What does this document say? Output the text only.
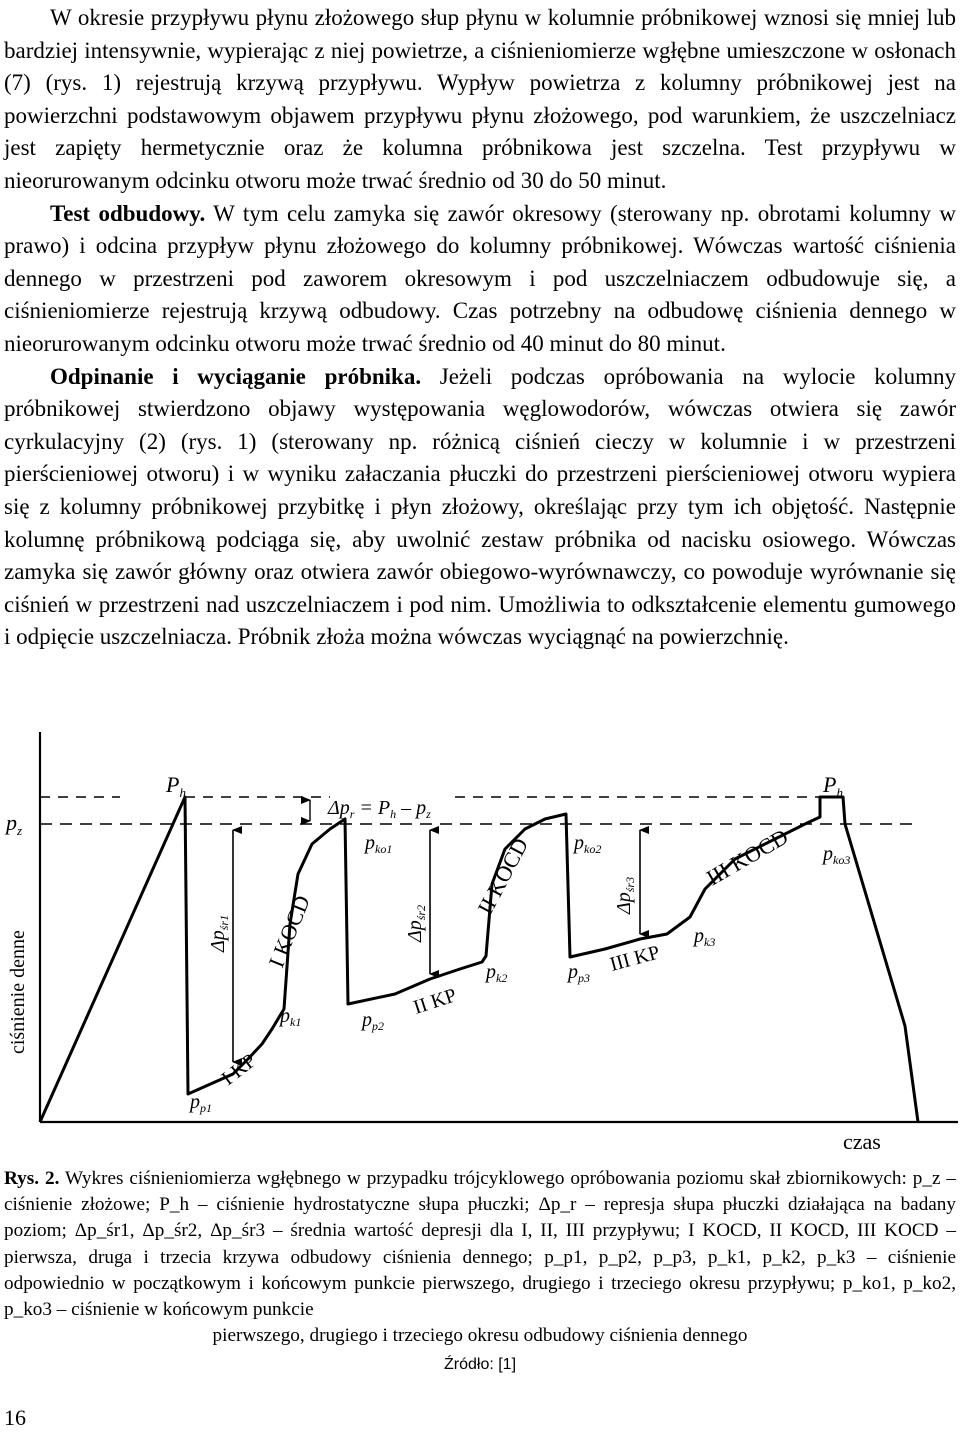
W okresie przypływu płynu złożowego słup płynu w kolumnie próbnikowej wznosi się mniej lub bardziej intensywnie, wypierając z niej powietrze, a ciśnieniomierze wgłębne umieszczone w osłonach (7) (rys. 1) rejestrują krzywą przypływu. Wypływ powietrza z kolumny próbnikowej jest na powierzchni podstawowym objawem przypływu płynu złożowego, pod warunkiem, że uszczelniacz jest zapięty hermetycznie oraz że kolumna próbnikowa jest szczelna. Test przypływu w nieorurowanym odcinku otworu może trwać średnio od 30 do 50 minut.

Test odbudowy. W tym celu zamyka się zawór okresowy (sterowany np. obrotami kolumny w prawo) i odcina przypływ płynu złożowego do kolumny próbnikowej. Wówczas wartość ciśnienia dennego w przestrzeni pod zaworem okresowym i pod uszczelniaczem odbudowuje się, a ciśnieniomierze rejestrują krzywą odbudowy. Czas potrzebny na odbudowę ciśnienia dennego w nieorurowanym odcinku otworu może trwać średnio od 40 minut do 80 minut.

Odpinanie i wyciąganie próbnika. Jeżeli podczas opróbowania na wylocie kolumny próbnikowej stwierdzono objawy występowania węglowodorów, wówczas otwiera się zawór cyrkulacyjny (2) (rys. 1) (sterowany np. różnicą ciśnień cieczy w kolumnie i w przestrzeni pierścieniowej otworu) i w wyniku załaczania płuczki do przestrzeni pierścieniowej otworu wypiera się z kolumny próbnikowej przybitkę i płyn złożowy, określając przy tym ich objętość. Następnie kolumnę próbnikową podciąga się, aby uwolnić zestaw próbnika od nacisku osiowego. Wówczas zamyka się zawór główny oraz otwiera zawór obiegowo-wyrównawczy, co powoduje wyrównanie się ciśnień w przestrzeni nad uszczelniaczem i pod nim. Umożliwia to odkształcenie elementu gumowego i odpięcie uszczelniacza. Próbnik złoża można wówczas wyciągnąć na powierzchnię.

ciśnienie denne
czas
$p_z$
$P_h$	$P_h$
$\Delta p_r = P_h - p_z$
$p_{ko1}$	$p_{ko2}$	$p_{ko3}$
$p_{k1}$
$p_{k2}$
$p_{k3}$
$p_{p1}$
$p_{p2}$
$p_{p3}$
$\Delta p_{śr1}$	$\Delta p_{śr2}$	$\Delta p_{śr3}$
I KP
II KP
III KP
I KOCD
II KOCD	III KOCD
Rys. 2. Wykres ciśnieniomierza wgłębnego w przypadku trójcyklowego opróbowania poziomu skał zbiornikowych: p_z – ciśnienie złożowe; P_h – ciśnienie hydrostatyczne słupa płuczki; Δp_r – represja słupa płuczki działająca na badany poziom; Δp_śr1, Δp_śr2, Δp_śr3 – średnia wartość depresji dla I, II, III przypływu; I KOCD, II KOCD, III KOCD – pierwsza, druga i trzecia krzywa odbudowy ciśnienia dennego; p_p1, p_p2, p_p3, p_k1, p_k2, p_k3 – ciśnienie odpowiednio w początkowym i końcowym punkcie pierwszego, drugiego i trzeciego okresu przypływu; p_ko1, p_ko2, p_ko3 – ciśnienie w końcowym punkcie
pierwszego, drugiego i trzeciego okresu odbudowy ciśnienia dennego
Źródło: [1]
16
